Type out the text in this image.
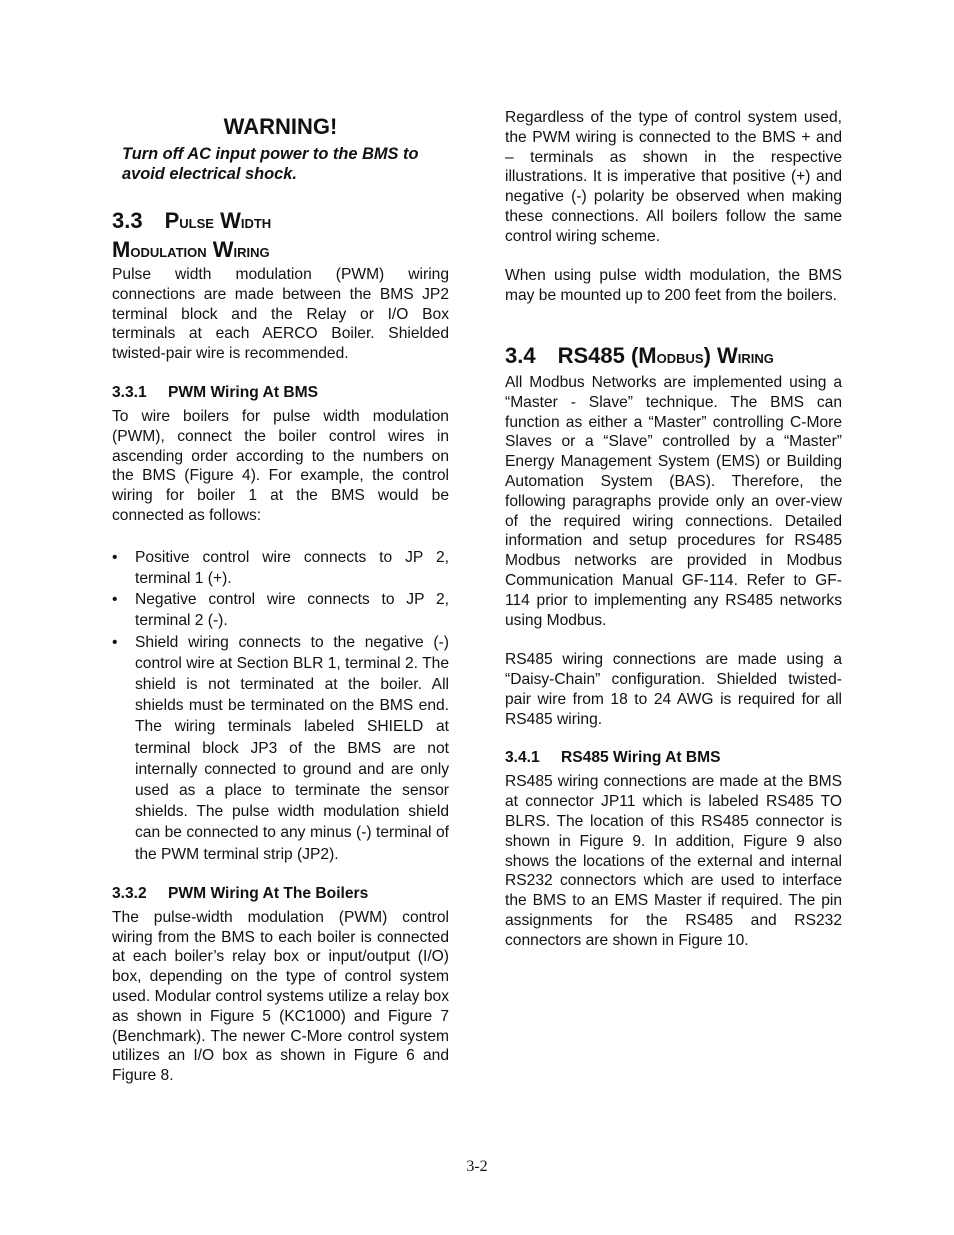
WARNING!
Turn off AC input power to the BMS to avoid electrical shock.
3.3 Pulse Width
Modulation Wiring

Pulse width modulation (PWM) wiring connections are made between the BMS JP2 terminal block and the Relay or I/O Box terminals at each AERCO Boiler. Shielded twisted-pair wire is recommended.

3.3.1 PWM Wiring At BMS

To wire boilers for pulse width modulation (PWM), connect the boiler control wires in ascending order according to the numbers on the BMS (Figure 4). For example, the control wiring for boiler 1 at the BMS would be connected as follows:

• Positive control wire connects to JP 2, terminal 1 (+).
• Negative control wire connects to JP 2, terminal 2 (-).
• Shield wiring connects to the negative (-) control wire at Section BLR 1, terminal 2. The shield is not terminated at the boiler. All shields must be terminated on the BMS end. The wiring terminals labeled SHIELD at terminal block JP3 of the BMS are not internally connected to ground and are only used as a place to terminate the sensor shields. The pulse width modulation shield can be connected to any minus (-) terminal of the PWM terminal strip (JP2).
3.3.2 PWM Wiring At The Boilers

The pulse-width modulation (PWM) control wiring from the BMS to each boiler is connected at each boiler’s relay box or input/output (I/O) box, depending on the type of control system used. Modular control systems utilize a relay box as shown in Figure 5 (KC1000) and Figure 7 (Benchmark). The newer C-More control system utilizes an I/O box as shown in Figure 6 and Figure 8.

Regardless of the type of control system used, the PWM wiring is connected to the BMS + and – terminals as shown in the respective illustrations. It is imperative that positive (+) and negative (-) polarity be observed when making these connections. All boilers follow the same control wiring scheme.

When using pulse width modulation, the BMS may be mounted up to 200 feet from the boilers.

3.4 RS485 (Modbus) Wiring

All Modbus Networks are implemented using a “Master - Slave” technique. The BMS can function as either a “Master” controlling C-More Slaves or a “Slave” controlled by a “Master” Energy Management System (EMS) or Building Automation System (BAS). Therefore, the following paragraphs provide only an over-view of the required wiring connections. Detailed information and setup procedures for RS485 Modbus networks are provided in Modbus Communication Manual GF-114. Refer to GF-114 prior to implementing any RS485 networks using Modbus.

RS485 wiring connections are made using a “Daisy-Chain” configuration. Shielded twisted-pair wire from 18 to 24 AWG is required for all RS485 wiring.

3.4.1 RS485 Wiring At BMS

RS485 wiring connections are made at the BMS at connector JP11 which is labeled RS485 TO BLRS. The location of this RS485 connector is shown in Figure 9. In addition, Figure 9 also shows the locations of the external and internal RS232 connectors which are used to interface the BMS to an EMS Master if required. The pin assignments for the RS485 and RS232 connectors are shown in Figure 10.

3-2
